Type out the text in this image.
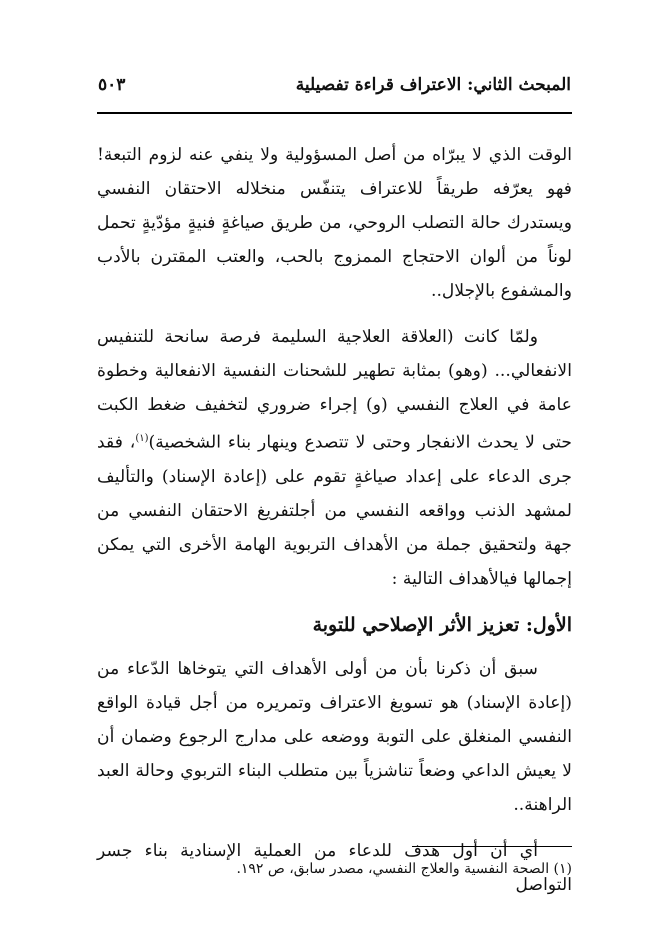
المبحث الثاني: الاعتراف قراءة تفصيلية
٥٠٣

الوقت الذي لا يبرّاه من أصل المسؤولية ولا ينفي عنه لزوم التبعة! فهو يعرّفه طريقاً للاعتراف يتنفّس منخلاله الاحتقان النفسي ويستدرك حالة التصلب الروحي، من طريق صياغةٍ فنيةٍ مؤدّيةٍ تحمل لوناً من ألوان الاحتجاج الممزوج بالحب، والعتب المقترن بالأدب والمشفوع بالإجلال..

ولمّا كانت (العلاقة العلاجية السليمة فرصة سانحة للتنفيس الانفعالي... (وهو) بمثابة تطهير للشحنات النفسية الانفعالية وخطوة عامة في العلاج النفسي (و) إجراء ضروري لتخفيف ضغط الكبت حتى لا يحدث الانفجار وحتى لا تتصدع وينهار بناء الشخصية)$^{(١)}$، فقد جرى الدعاء على إعداد صياغةٍ تقوم على (إعادة الإسناد) والتأليف لمشهد الذنب وواقعه النفسي من أجلتفريغ الاحتقان النفسي من جهة ولتحقيق جملة من الأهداف التربوية الهامة الأخرى التي يمكن إجمالها فيالأهداف التالية :

الأول: تعزيز الأثر الإصلاحي للتوبة

سبق أن ذكرنا بأن من أولى الأهداف التي يتوخاها الدّعاء من (إعادة الإسناد) هو تسويغ الاعتراف وتمريره من أجل قيادة الواقع النفسي المنغلق على التوبة ووضعه على مدارج الرجوع وضمان أن لا يعيش الداعي وضعاً تناشزياً بين متطلب البناء التربوي وحالة العبد الراهنة..

أي أن أول هدف للدعاء من العملية الإسنادية بناء جسر التواصل

(١) الصحة النفسية والعلاج النفسي، مصدر سابق، ص ١٩٢.
